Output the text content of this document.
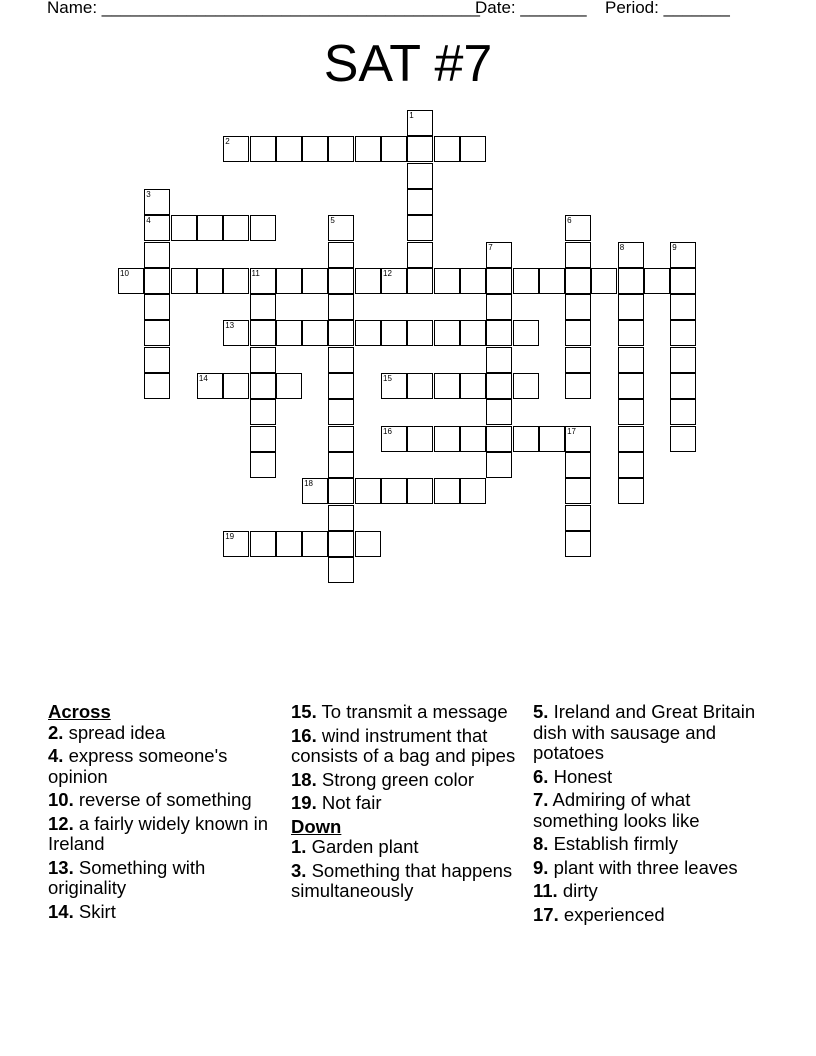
Name: ________________________________________
Date: _______ Period: _______
SAT #7
1
2
3
4	5	6
7	8	9
10	11	12
13
14	15
16	17
18
19

Across

2. spread idea

4. express someone's opinion

10. reverse of something

12. a fairly widely known in Ireland

13. Something with originality

14. Skirt

15. To transmit a message

16. wind instrument that consists of a bag and pipes

18. Strong green color

19. Not fair

Down

1. Garden plant

3. Something that happens simultaneously

5. Ireland and Great Britain dish with sausage and potatoes

6. Honest

7. Admiring of what something looks like

8. Establish firmly

9. plant with three leaves

11. dirty

17. experienced
